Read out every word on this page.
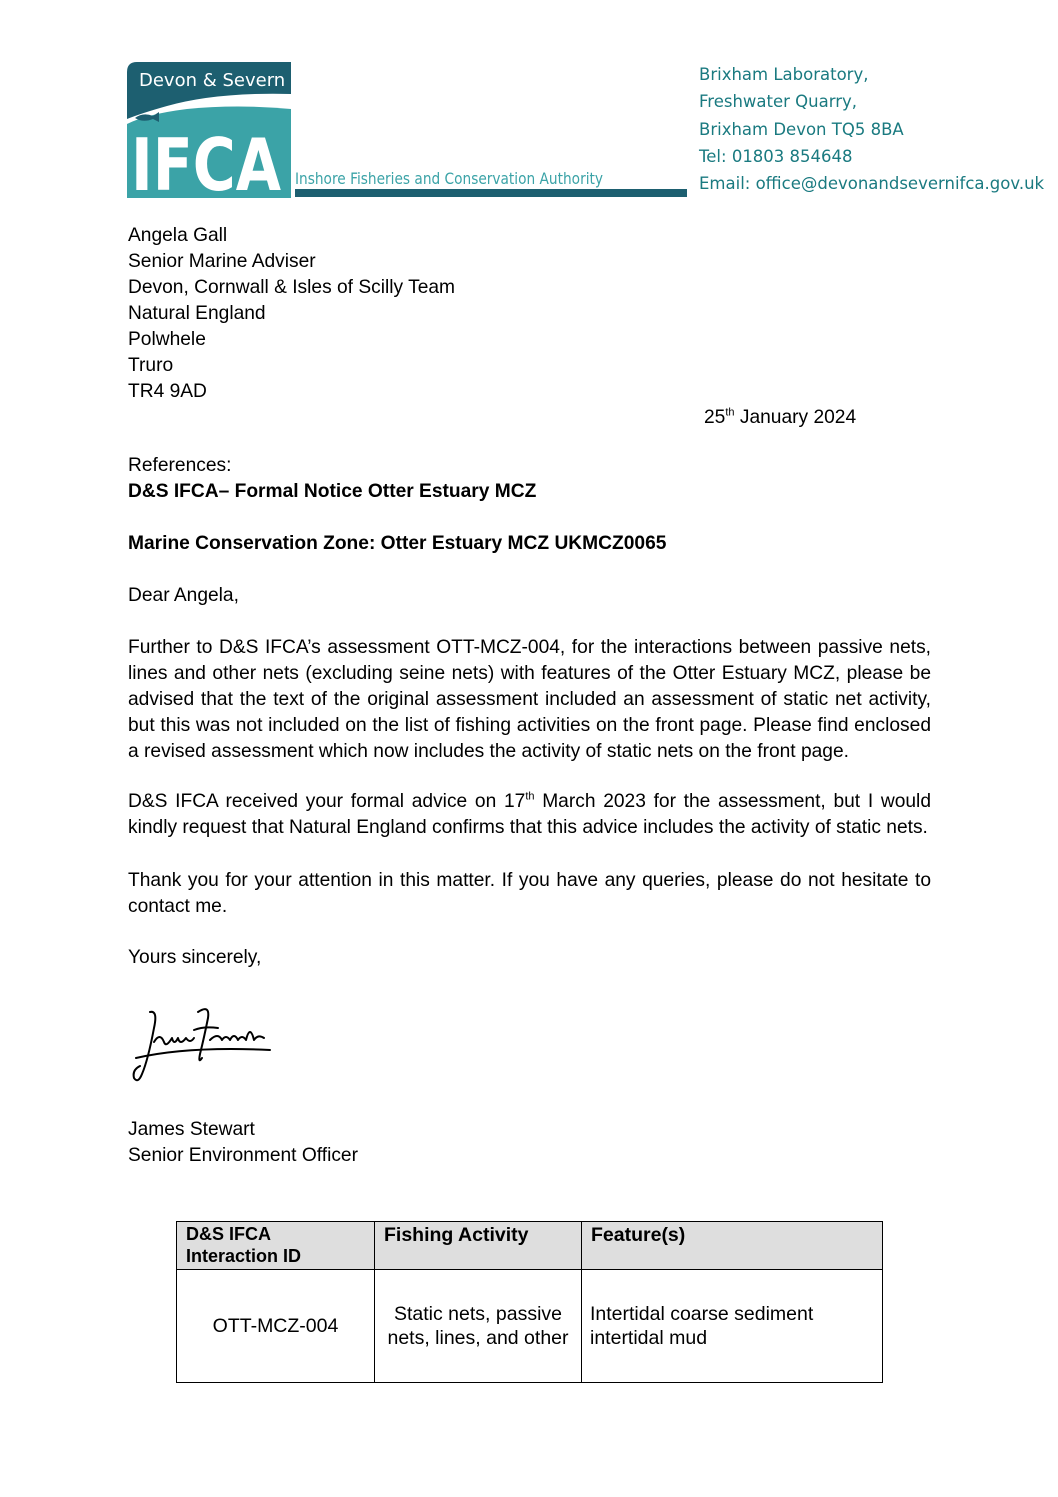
Devon & Severn
IFCA Inshore Fisheries and Conservation Authority
Brixham Laboratory,
Freshwater Quarry,
Brixham Devon TQ5 8BA
Tel: 01803 854648
Email: office@devonandsevernifca.gov.uk
Angela Gall
Senior Marine Adviser
Devon, Cornwall & Isles of Scilly Team
Natural England
Polwhele
Truro
TR4 9AD
25th January 2024
References:
D&S IFCA– Formal Notice Otter Estuary MCZ
Marine Conservation Zone: Otter Estuary MCZ UKMCZ0065
Dear Angela,
Further to D&S IFCA’s assessment OTT-MCZ-004, for the interactions between passive nets, lines and other nets (excluding seine nets) with features of the Otter Estuary MCZ, please be advised that the text of the original assessment included an assessment of static net activity, but this was not included on the list of fishing activities on the front page. Please find enclosed a revised assessment which now includes the activity of static nets on the front page.
D&S IFCA received your formal advice on 17th March 2023 for the assessment, but I would kindly request that Natural England confirms that this advice includes the activity of static nets.
Thank you for your attention in this matter. If you have any queries, please do not hesitate to contact me.
Yours sincerely,
James Stewart
Senior Environment Officer
D&S IFCA Interaction ID	Fishing Activity	Feature(s)
OTT-MCZ-004	Static nets, passive nets, lines, and other	Intertidal coarse sediment intertidal mud
